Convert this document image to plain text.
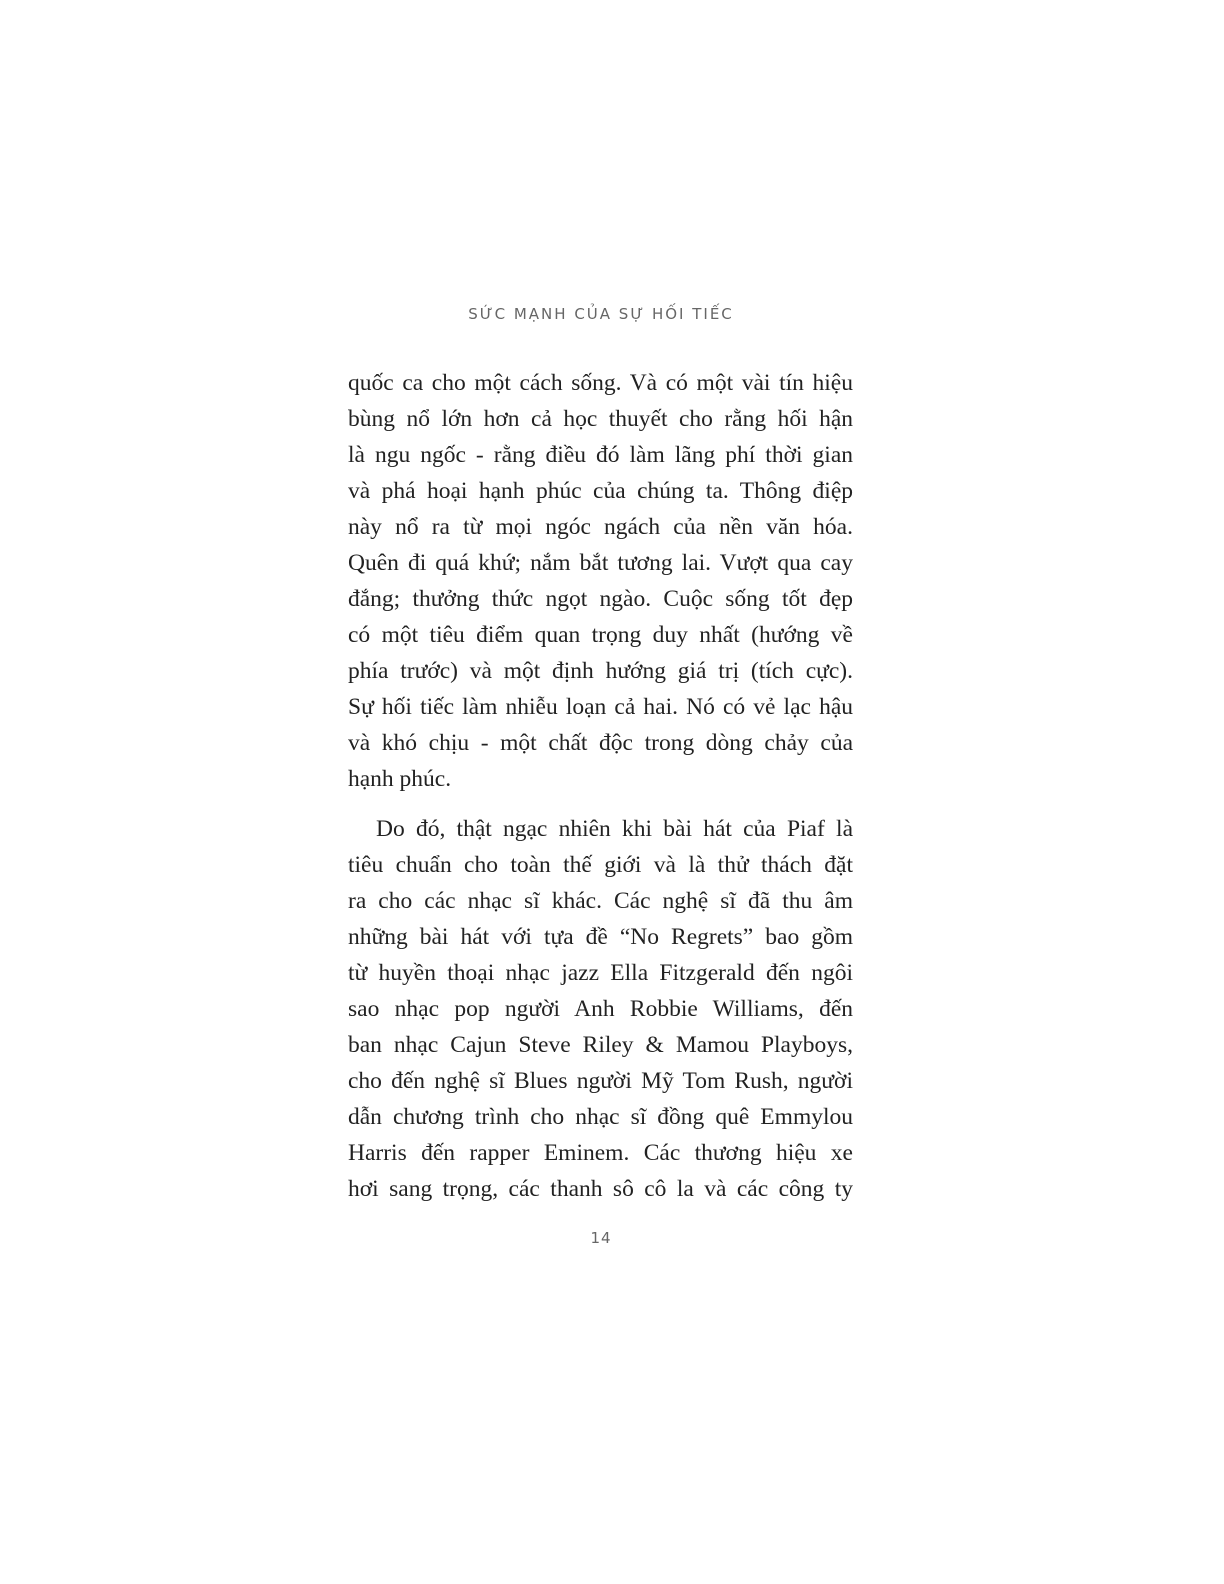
SỨC MẠNH CỦA SỰ HỐI TIẾC
quốc ca cho một cách sống. Và có một vài tín hiệu
bùng nổ lớn hơn cả học thuyết cho rằng hối hận
là ngu ngốc - rằng điều đó làm lãng phí thời gian
và phá hoại hạnh phúc của chúng ta. Thông điệp
này nổ ra từ mọi ngóc ngách của nền văn hóa.
Quên đi quá khứ; nắm bắt tương lai. Vượt qua cay
đắng; thưởng thức ngọt ngào. Cuộc sống tốt đẹp
có một tiêu điểm quan trọng duy nhất (hướng về
phía trước) và một định hướng giá trị (tích cực).
Sự hối tiếc làm nhiễu loạn cả hai. Nó có vẻ lạc hậu
và khó chịu - một chất độc trong dòng chảy của
hạnh phúc.
Do đó, thật ngạc nhiên khi bài hát của Piaf là
tiêu chuẩn cho toàn thế giới và là thử thách đặt
ra cho các nhạc sĩ khác. Các nghệ sĩ đã thu âm
những bài hát với tựa đề “No Regrets” bao gồm
từ huyền thoại nhạc jazz Ella Fitzgerald đến ngôi
sao nhạc pop người Anh Robbie Williams, đến
ban nhạc Cajun Steve Riley & Mamou Playboys,
cho đến nghệ sĩ Blues người Mỹ Tom Rush, người
dẫn chương trình cho nhạc sĩ đồng quê Emmylou
Harris đến rapper Eminem. Các thương hiệu xe
hơi sang trọng, các thanh sô cô la và các công ty
14
